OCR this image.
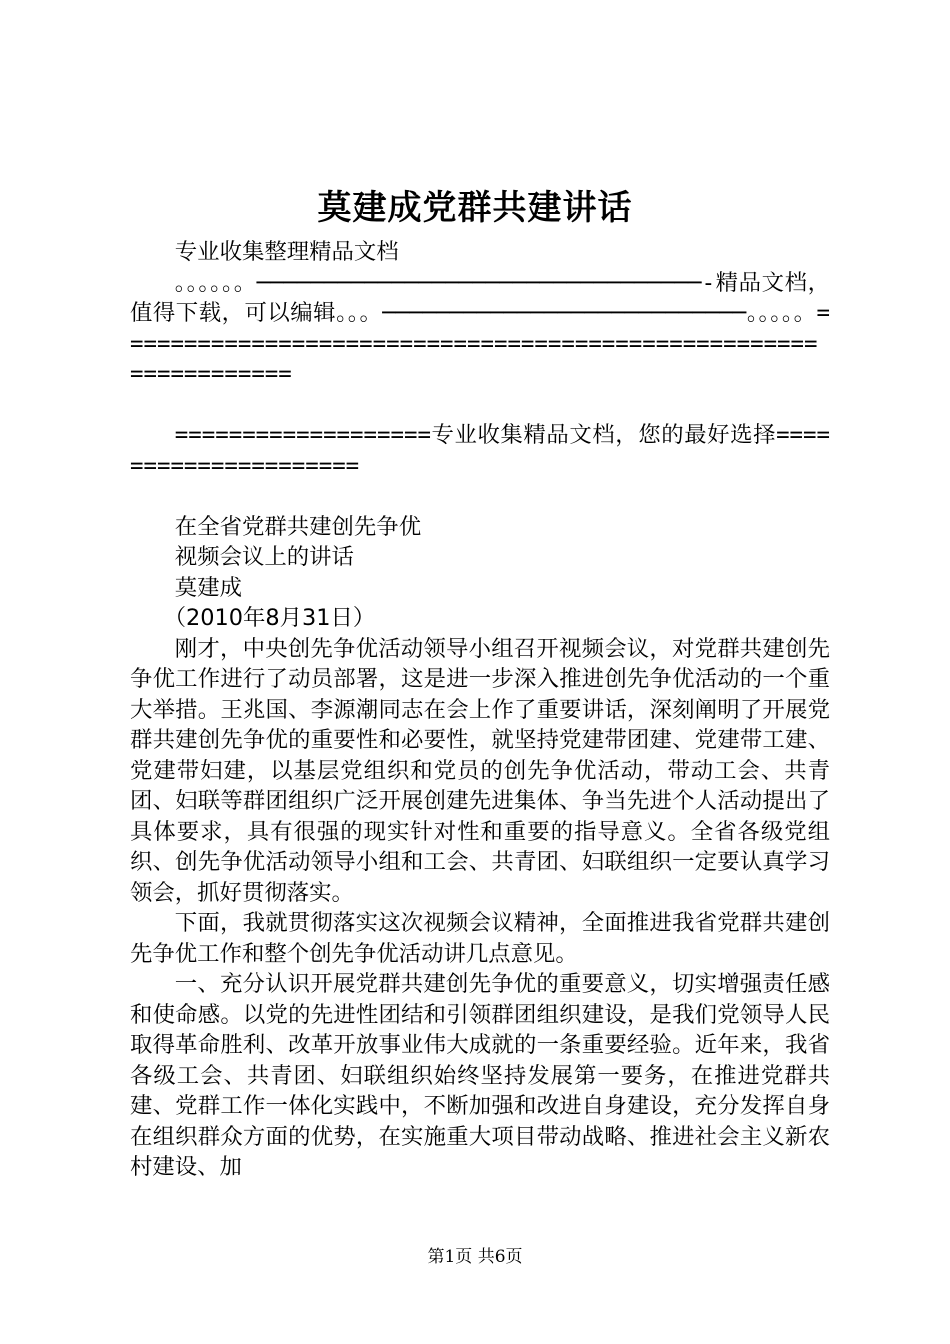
莫建成党群共建讲话

专业收集整理精品文档

。。。。。。─────────────────────────────────-精品文档，值得下载，可以编辑。。。───────────────────────────。。。。。================================================================

===================专业收集精品文档，您的最好选择=====================

在全省党群共建创先争优

视频会议上的讲话

莫建成

（2010年8月31日）

刚才，中央创先争优活动领导小组召开视频会议，对党群共建创先争优工作进行了动员部署，这是进一步深入推进创先争优活动的一个重大举措。王兆国、李源潮同志在会上作了重要讲话，深刻阐明了开展党群共建创先争优的重要性和必要性，就坚持党建带团建、党建带工建、党建带妇建，以基层党组织和党员的创先争优活动，带动工会、共青团、妇联等群团组织广泛开展创建先进集体、争当先进个人活动提出了具体要求，具有很强的现实针对性和重要的指导意义。全省各级党组织、创先争优活动领导小组和工会、共青团、妇联组织一定要认真学习领会，抓好贯彻落实。

下面，我就贯彻落实这次视频会议精神，全面推进我省党群共建创先争优工作和整个创先争优活动讲几点意见。

一、充分认识开展党群共建创先争优的重要意义，切实增强责任感和使命感。以党的先进性团结和引领群团组织建设，是我们党领导人民取得革命胜利、改革开放事业伟大成就的一条重要经验。近年来，我省各级工会、共青团、妇联组织始终坚持发展第一要务，在推进党群共建、党群工作一体化实践中，不断加强和改进自身建设，充分发挥自身在组织群众方面的优势，在实施重大项目带动战略、推进社会主义新农村建设、加

第1页 共6页
